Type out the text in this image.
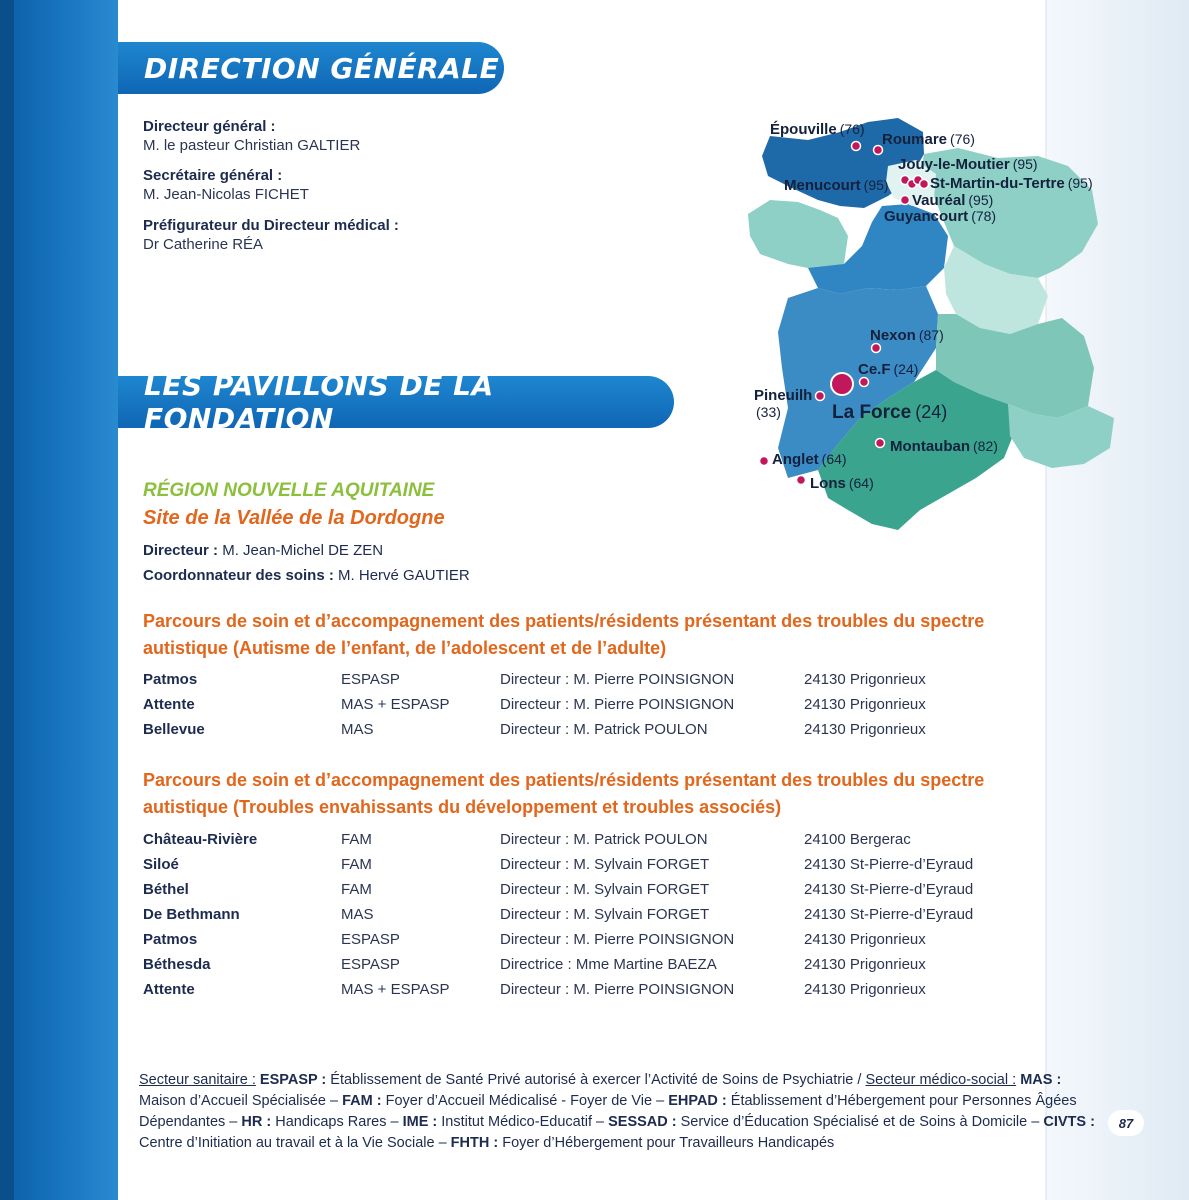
DIRECTION GÉNÉRALE
Directeur général :
M. le pasteur Christian GALTIER
Secrétaire général :
M. Jean-Nicolas FICHET
Préfigurateur du Directeur médical :
Dr Catherine RÉA
LES PAVILLONS DE LA FONDATION
RÉGION NOUVELLE AQUITAINE
Site de la Vallée de la Dordogne
Directeur : M. Jean-Michel DE ZEN
Coordonnateur des soins : M. Hervé GAUTIER
Parcours de soin et d’accompagnement des patients/résidents présentant des troubles du spectre
autistique (Autisme de l’enfant, de l’adolescent et de l’adulte)
Patmos	ESPASP	Directeur : M. Pierre POINSIGNON	24130 Prigonrieux
Attente	MAS + ESPASP	Directeur : M. Pierre POINSIGNON	24130 Prigonrieux
Bellevue	MAS	Directeur : M. Patrick POULON	24130 Prigonrieux
Parcours de soin et d’accompagnement des patients/résidents présentant des troubles du spectre
autistique (Troubles envahissants du développement et troubles associés)
Château-Rivière	FAM	Directeur : M. Patrick POULON	24100 Bergerac
Siloé	FAM	Directeur : M. Sylvain FORGET	24130 St-Pierre-d’Eyraud
Béthel	FAM	Directeur : M. Sylvain FORGET	24130 St-Pierre-d’Eyraud
De Bethmann	MAS	Directeur : M. Sylvain FORGET	24130 St-Pierre-d’Eyraud
Patmos	ESPASP	Directeur : M. Pierre POINSIGNON	24130 Prigonrieux
Béthesda	ESPASP	Directrice : Mme Martine BAEZA	24130 Prigonrieux
Attente	MAS + ESPASP	Directeur : M. Pierre POINSIGNON	24130 Prigonrieux
Épouville (76)
Roumare (76)
Jouy-le-Moutier (95)
Menucourt (95)	St-Martin-du-Tertre (95)
Vauréal (95)
Guyancourt (78)
Nexon (87)
Ce.F (24)
Pineuilh
(33)	La Force (24)
Montauban (82)
Anglet (64)
Lons (64)
Secteur sanitaire : ESPASP : Établissement de Santé Privé autorisé à exercer l’Activité de Soins de Psychiatrie / Secteur médico-social : MAS : Maison d’Accueil Spécialisée – FAM : Foyer d’Accueil Médicalisé - Foyer de Vie – EHPAD : Établissement d’Hébergement pour Personnes Âgées Dépendantes – HR : Handicaps Rares – IME : Institut Médico-Educatif – SESSAD : Service d’Éducation Spécialisé et de Soins à Domicile – CIVTS : Centre d’Initiation au travail et à la Vie Sociale – FHTH : Foyer d’Hébergement pour Travailleurs Handicapés
87
